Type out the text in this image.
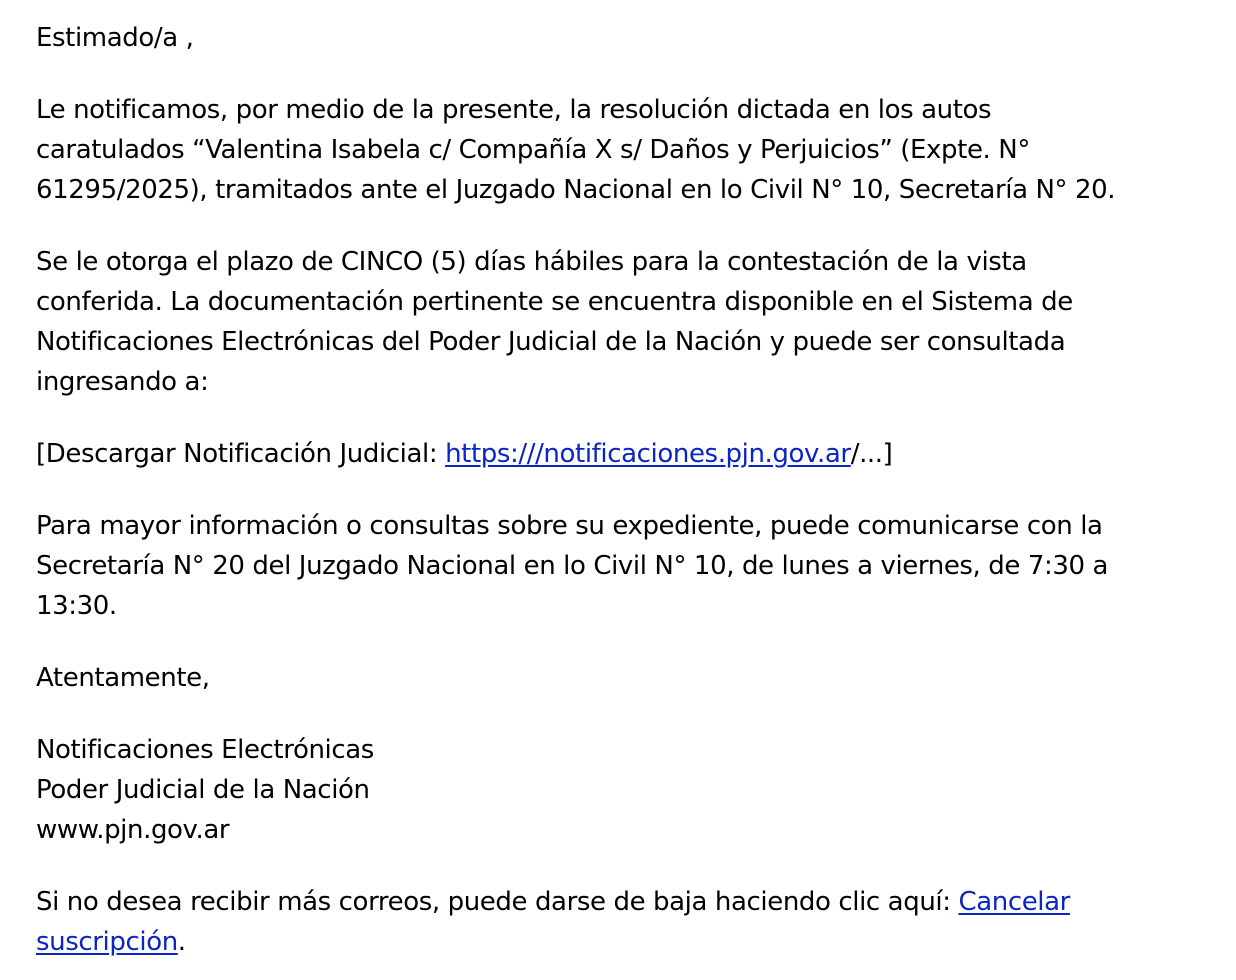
Estimado/a ,

Le notificamos, por medio de la presente, la resolución dictada en los autos
caratulados “Valentina Isabela c/ Compañía X s/ Daños y Perjuicios” (Expte. N°
61295/2025), tramitados ante el Juzgado Nacional en lo Civil N° 10, Secretaría N° 20.

Se le otorga el plazo de CINCO (5) días hábiles para la contestación de la vista
conferida. La documentación pertinente se encuentra disponible en el Sistema de
Notificaciones Electrónicas del Poder Judicial de la Nación y puede ser consultada
ingresando a:

[Descargar Notificación Judicial: https:///notificaciones.pjn.gov.ar/...]

Para mayor información o consultas sobre su expediente, puede comunicarse con la
Secretaría N° 20 del Juzgado Nacional en lo Civil N° 10, de lunes a viernes, de 7:30 a
13:30.

Atentamente,

Notificaciones Electrónicas
Poder Judicial de la Nación
www.pjn.gov.ar

Si no desea recibir más correos, puede darse de baja haciendo clic aquí: Cancelar
suscripción.
